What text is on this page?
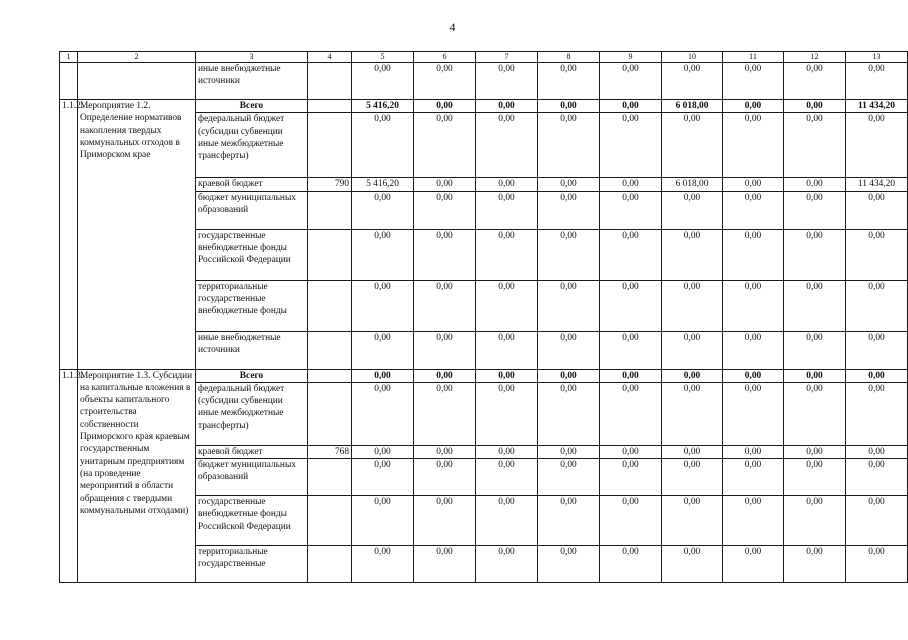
4
1	2	3	4	5	6	7	8	9	10	11	12	13
		иные внебюджетные источники		0,00	0,00	0,00	0,00	0,00	0,00	0,00	0,00	0,00
1.1.2.	Мероприятие 1.2. Определение нормативов накопления твердых коммунальных отходов в Приморском крае	Всего		5 416,20	0,00	0,00	0,00	0,00	6 018,00	0,00	0,00	11 434,20
		федеральный бюджет (субсидии субвенции иные межбюджетные трансферты)		0,00	0,00	0,00	0,00	0,00	0,00	0,00	0,00	0,00
		краевой бюджет	790	5 416,20	0,00	0,00	0,00	0,00	6 018,00	0,00	0,00	11 434,20
		бюджет муниципальных образований		0,00	0,00	0,00	0,00	0,00	0,00	0,00	0,00	0,00
		государственные внебюджетные фонды Российской Федерации		0,00	0,00	0,00	0,00	0,00	0,00	0,00	0,00	0,00
		территориальные государственные внебюджетные фонды		0,00	0,00	0,00	0,00	0,00	0,00	0,00	0,00	0,00
		иные внебюджетные источники		0,00	0,00	0,00	0,00	0,00	0,00	0,00	0,00	0,00
1.1.3.	Мероприятие 1.3. Субсидии на капитальные вложения в объекты капитального строительства собственности Приморского края краевым государственным унитарным предприятиям (на проведение мероприятий в области обращения с твердыми коммунальными отходами)	Всего		0,00	0,00	0,00	0,00	0,00	0,00	0,00	0,00	0,00
		федеральный бюджет (субсидии субвенции иные межбюджетные трансферты)		0,00	0,00	0,00	0,00	0,00	0,00	0,00	0,00	0,00
		краевой бюджет	768	0,00	0,00	0,00	0,00	0,00	0,00	0,00	0,00	0,00
		бюджет муниципальных образований		0,00	0,00	0,00	0,00	0,00	0,00	0,00	0,00	0,00
		государственные внебюджетные фонды Российской Федерации		0,00	0,00	0,00	0,00	0,00	0,00	0,00	0,00	0,00
		территориальные государственные		0,00	0,00	0,00	0,00	0,00	0,00	0,00	0,00	0,00
